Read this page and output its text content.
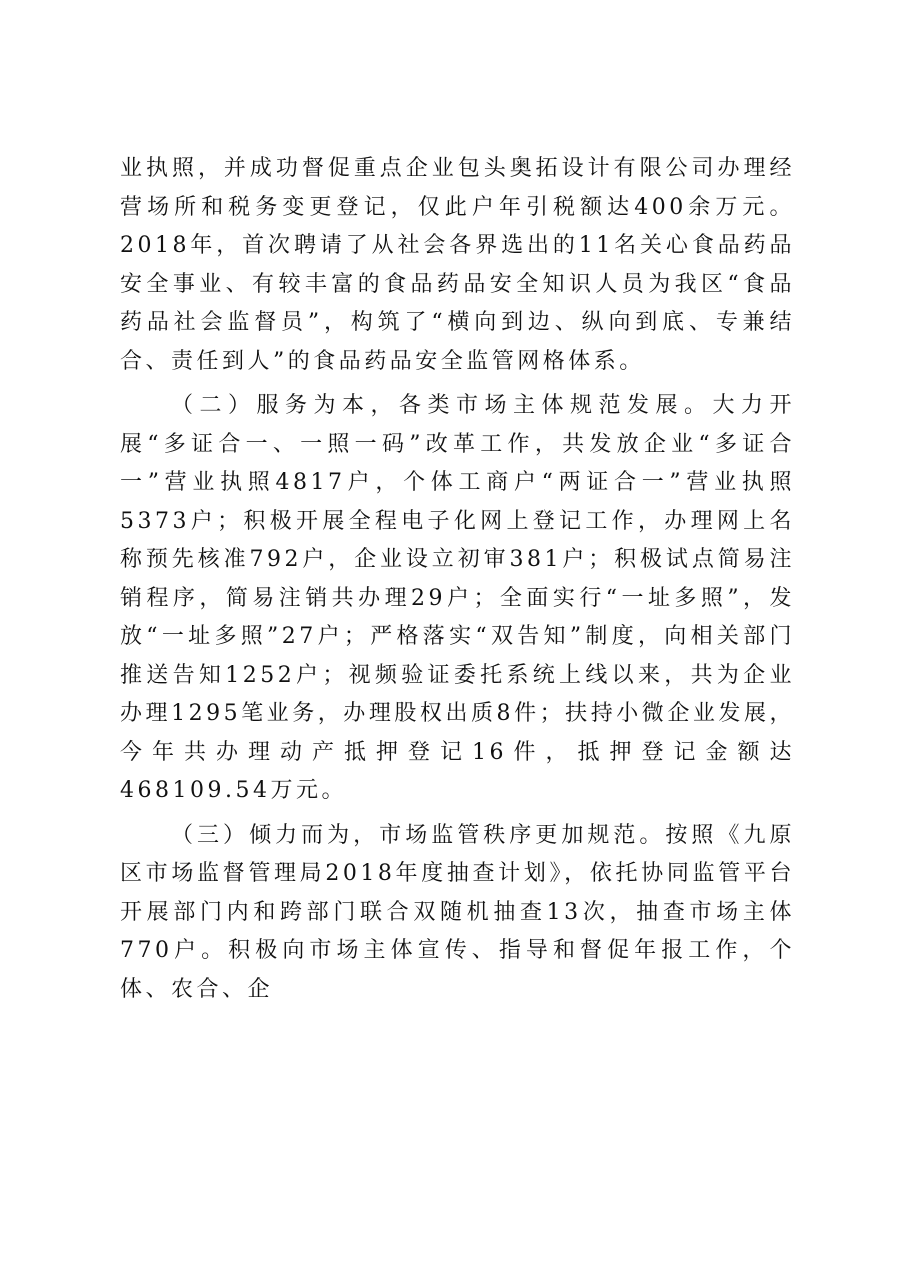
业执照，并成功督促重点企业包头奥拓设计有限公司办理经营场所和税务变更登记，仅此户年引税额达400余万元。2018年，首次聘请了从社会各界选出的11名关心食品药品安全事业、有较丰富的食品药品安全知识人员为我区“食品药品社会监督员”，构筑了“横向到边、纵向到底、专兼结合、责任到人”的食品药品安全监管网格体系。

（二）服务为本，各类市场主体规范发展。大力开展“多证合一、一照一码”改革工作，共发放企业“多证合一”营业执照4817户，个体工商户“两证合一”营业执照5373户；积极开展全程电子化网上登记工作，办理网上名称预先核准792户，企业设立初审381户；积极试点简易注销程序，简易注销共办理29户；全面实行“一址多照”，发放“一址多照”27户；严格落实“双告知”制度，向相关部门推送告知1252户；视频验证委托系统上线以来，共为企业办理1295笔业务，办理股权出质8件；扶持小微企业发展，今年共办理动产抵押登记16件，抵押登记金额达468109.54万元。

（三）倾力而为，市场监管秩序更加规范。按照《九原区市场监督管理局2018年度抽查计划》，依托协同监管平台开展部门内和跨部门联合双随机抽查13次，抽查市场主体770户。积极向市场主体宣传、指导和督促年报工作，个体、农合、企
